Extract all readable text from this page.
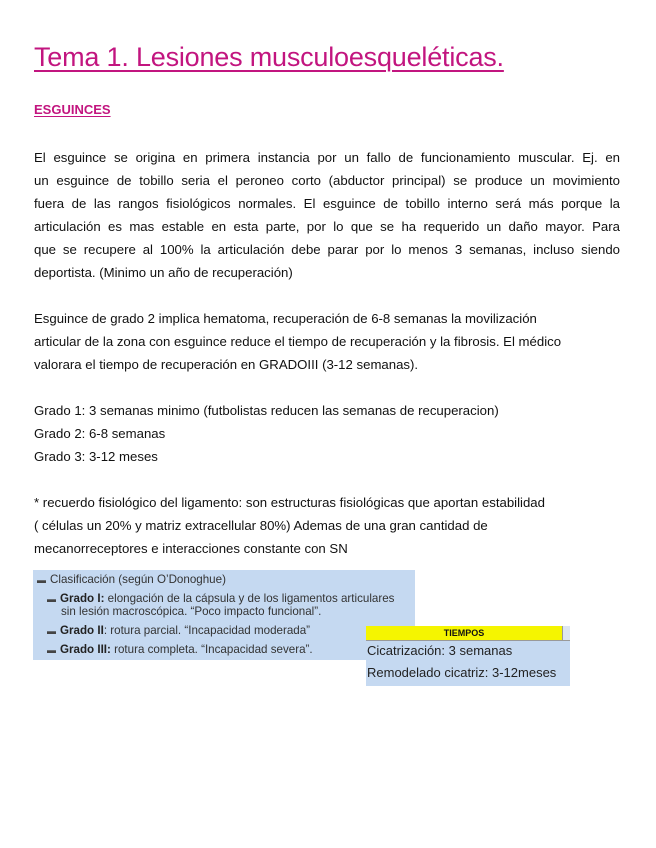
Tema 1. Lesiones musculoesqueléticas.
ESGUINCES

El esguince se origina en primera instancia por un fallo de funcionamiento muscular. Ej. en
un esguince de tobillo seria el peroneo corto (abductor principal) se produce un movimiento
fuera de las rangos fisiológicos normales. El esguince de tobillo interno será más porque la
articulación es mas estable en esta parte, por lo que se ha requerido un daño mayor. Para
que se recupere al 100% la articulación debe parar por lo menos 3 semanas, incluso siendo
deportista. (Minimo un año de recuperación)

Esguince de grado 2 implica hematoma, recuperación de 6-8 semanas la movilización
articular de la zona con esguince reduce el tiempo de recuperación y la fibrosis. El médico
valorara el tiempo de recuperación en GRADOIII (3-12 semanas).

Grado 1: 3 semanas minimo (futbolistas reducen las semanas de recuperacion)
Grado 2: 6-8 semanas
Grado 3: 3-12 meses

* recuerdo fisiológico del ligamento: son estructuras fisiológicas que aportan estabilidad
( células un 20% y matriz extracellular 80%) Ademas de una gran cantidad de
mecanorreceptores e interacciones constante con SN

▬ Clasificación (según O’Donoghue)
▬ Grado I: elongación de la cápsula y de los ligamentos articulares
sin lesión macroscópica. “Poco impacto funcional”.
▬ Grado II: rotura parcial. “Incapacidad moderada”
▬ Grado III: rotura completa. “Incapacidad severa”.
TIEMPOS
Cicatrización: 3 semanas
Remodelado cicatriz: 3-12meses
